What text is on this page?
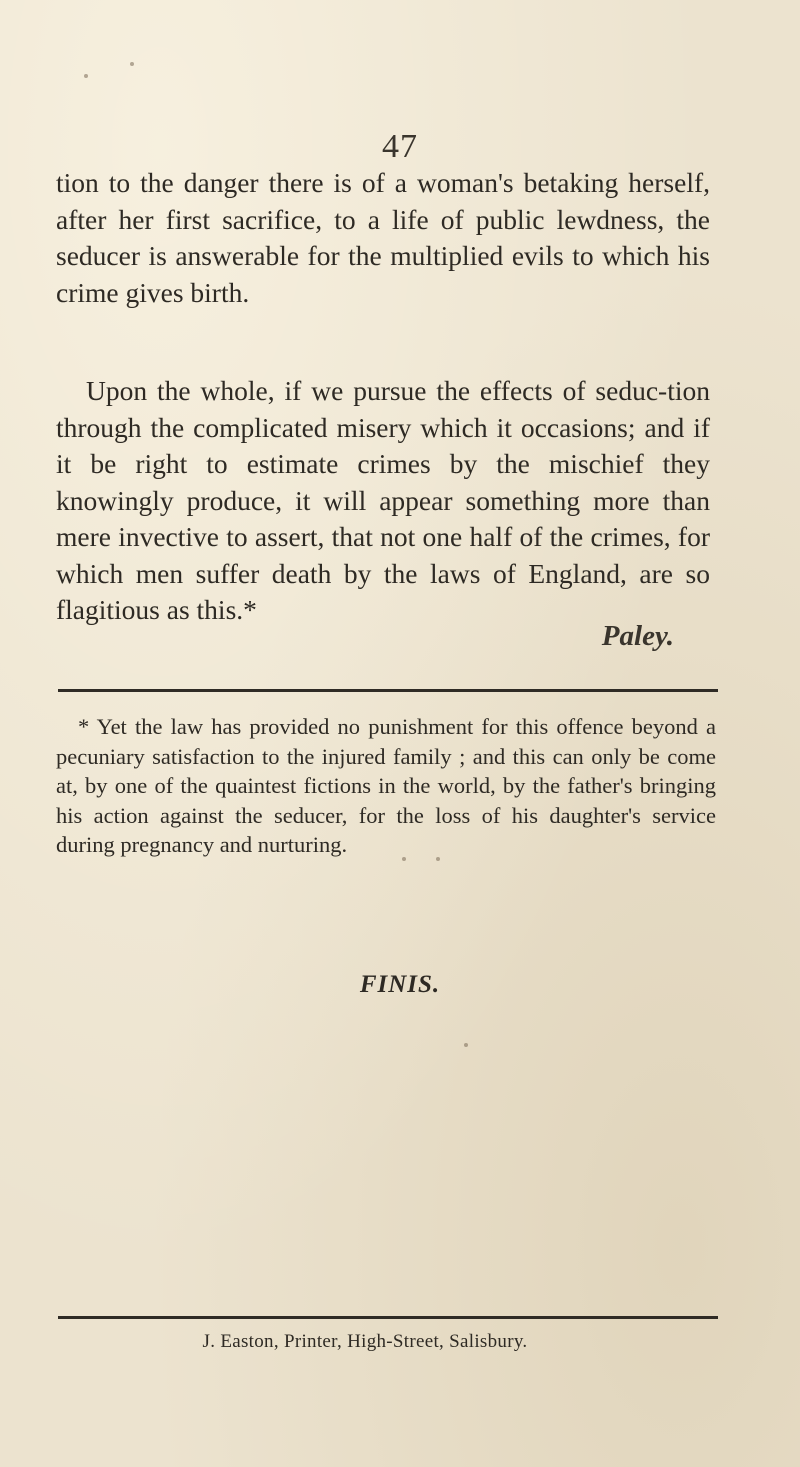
47

tion to the danger there is of a woman's betaking herself, after her first sacrifice, to a life of public lewdness, the seducer is answerable for the multiplied evils to which his crime gives birth.

Upon the whole, if we pursue the effects of seduc-tion through the complicated misery which it occasions; and if it be right to estimate crimes by the mischief they knowingly produce, it will appear something more than mere invective to assert, that not one half of the crimes, for which men suffer death by the laws of England, are so flagitious as this.*

Paley.

* Yet the law has provided no punishment for this offence beyond a pecuniary satisfaction to the injured family ; and this can only be come at, by one of the quaintest fictions in the world, by the father's bringing his action against the seducer, for the loss of his daughter's service during pregnancy and nurturing.

FINIS.
J. Easton, Printer, High-Street, Salisbury.
